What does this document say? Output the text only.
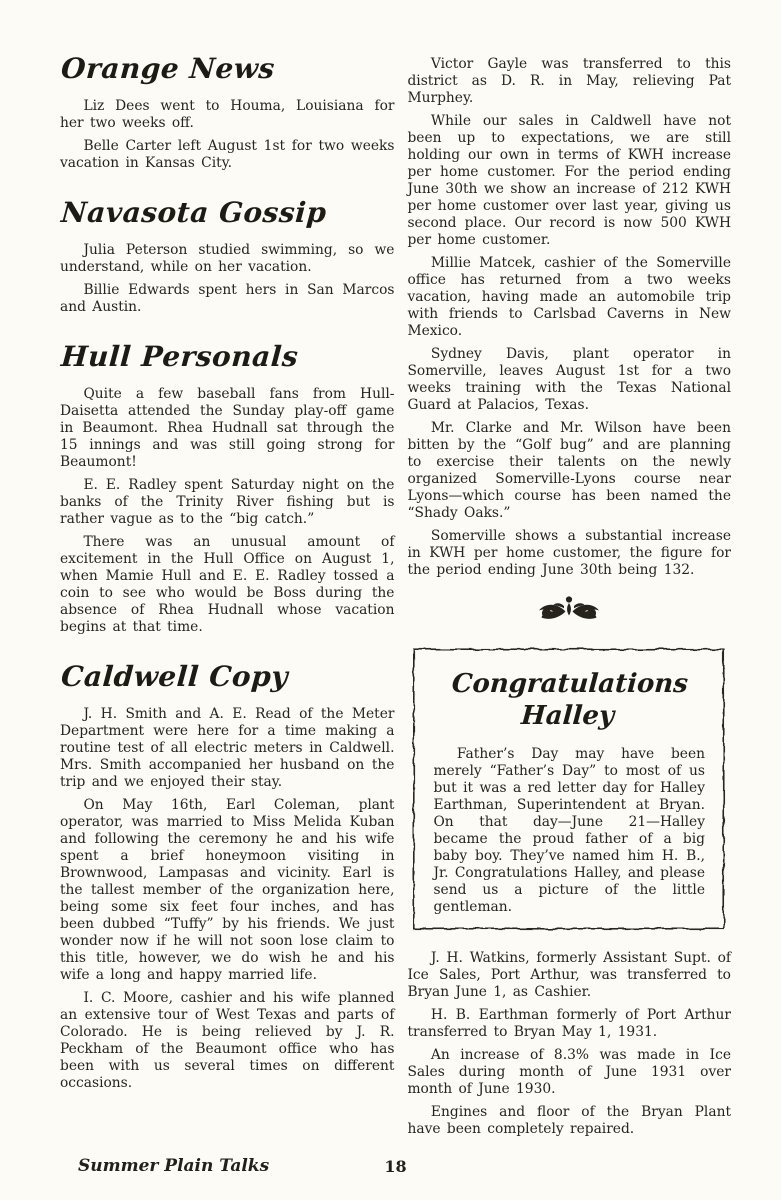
Orange News

Liz Dees went to Houma, Louisiana for her two weeks off.

Belle Carter left August 1st for two weeks vacation in Kansas City.

Navasota Gossip

Julia Peterson studied swimming, so we understand, while on her vacation.

Billie Edwards spent hers in San Marcos and Austin.

Hull Personals

Quite a few baseball fans from Hull-Daisetta attended the Sunday play-off game in Beaumont. Rhea Hudnall sat through the 15 innings and was still going strong for Beaumont!

E. E. Radley spent Saturday night on the banks of the Trinity River fishing but is rather vague as to the “big catch.”

There was an unusual amount of excitement in the Hull Office on August 1, when Mamie Hull and E. E. Radley tossed a coin to see who would be Boss during the absence of Rhea Hudnall whose vacation begins at that time.

Caldwell Copy

J. H. Smith and A. E. Read of the Meter Department were here for a time making a routine test of all electric meters in Caldwell. Mrs. Smith accompanied her husband on the trip and we enjoyed their stay.

On May 16th, Earl Coleman, plant operator, was married to Miss Melida Kuban and following the ceremony he and his wife spent a brief honeymoon visiting in Brownwood, Lampasas and vicinity. Earl is the tallest member of the organization here, being some six feet four inches, and has been dubbed “Tuffy” by his friends. We just wonder now if he will not soon lose claim to this title, however, we do wish he and his wife a long and happy married life.

I. C. Moore, cashier and his wife planned an extensive tour of West Texas and parts of Colorado. He is being relieved by J. R. Peckham of the Beaumont office who has been with us several times on different occasions.

Victor Gayle was transferred to this district as D. R. in May, relieving Pat Murphey.

While our sales in Caldwell have not been up to expectations, we are still holding our own in terms of KWH increase per home customer. For the period ending June 30th we show an increase of 212 KWH per home customer over last year, giving us second place. Our record is now 500 KWH per home customer.

Millie Matcek, cashier of the Somerville office has returned from a two weeks vacation, having made an automobile trip with friends to Carlsbad Caverns in New Mexico.

Sydney Davis, plant operator in Somerville, leaves August 1st for a two weeks training with the Texas National Guard at Palacios, Texas.

Mr. Clarke and Mr. Wilson have been bitten by the “Golf bug” and are planning to exercise their talents on the newly organized Somerville-Lyons course near Lyons—which course has been named the “Shady Oaks.”

Somerville shows a substantial increase in KWH per home customer, the figure for the period ending June 30th being 132.

Congratulations Halley

Father’s Day may have been merely “Father’s Day” to most of us but it was a red letter day for Halley Earthman, Superintendent at Bryan. On that day—June 21—Halley became the proud father of a big baby boy. They’ve named him H. B., Jr. Congratulations Halley, and please send us a picture of the little gentleman.

J. H. Watkins, formerly Assistant Supt. of Ice Sales, Port Arthur, was transferred to Bryan June 1, as Cashier.

H. B. Earthman formerly of Port Arthur transferred to Bryan May 1, 1931.

An increase of 8.3% was made in Ice Sales during month of June 1931 over month of June 1930.

Engines and floor of the Bryan Plant have been completely repaired.

Summer Plain Talks	18
